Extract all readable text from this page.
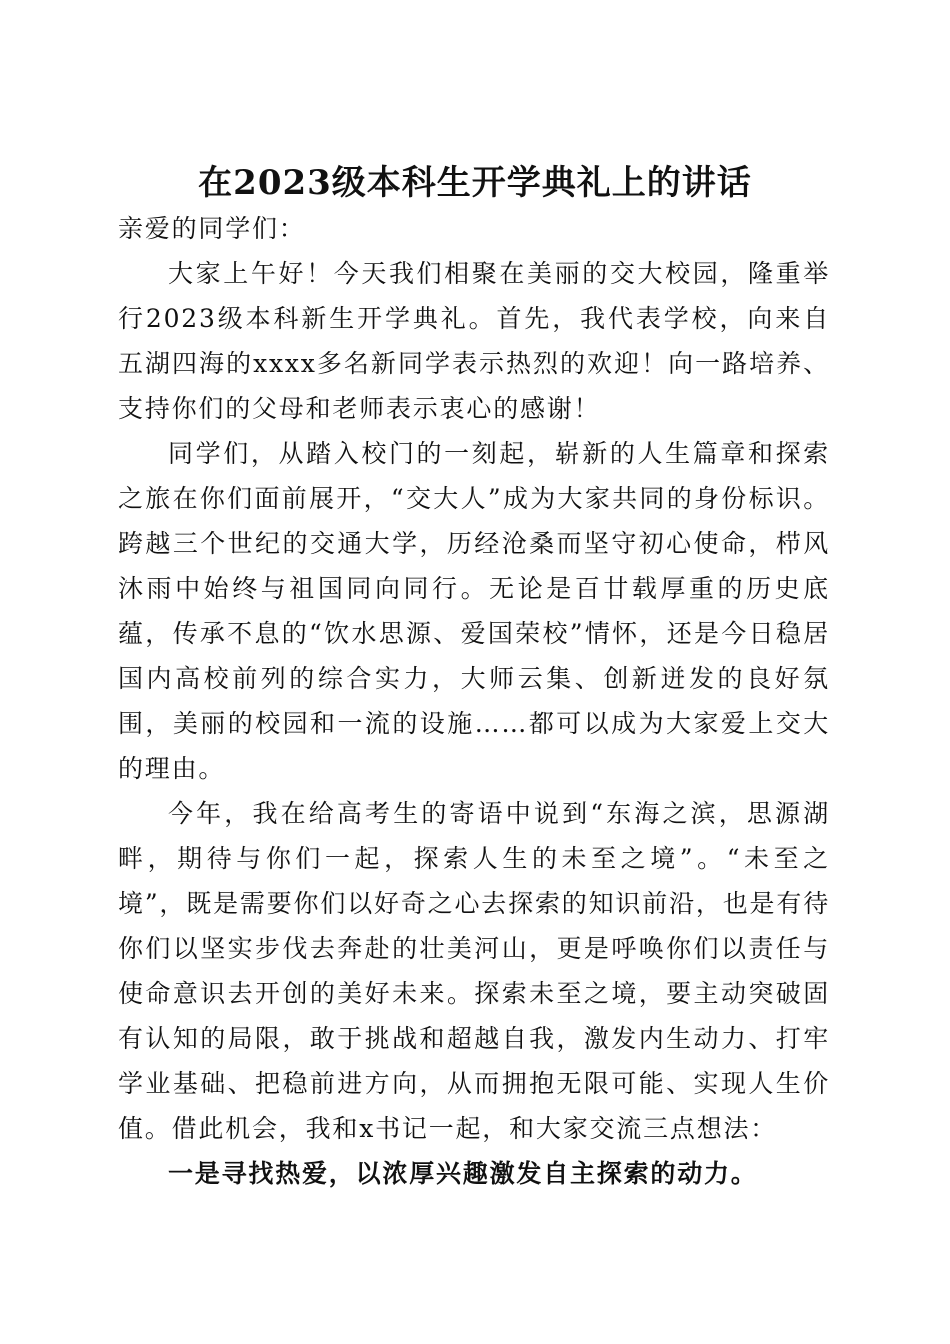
在2023级本科生开学典礼上的讲话

亲爱的同学们：

大家上午好！今天我们相聚在美丽的交大校园，隆重举行2023级本科新生开学典礼。首先，我代表学校，向来自五湖四海的xxxx多名新同学表示热烈的欢迎！向一路培养、支持你们的父母和老师表示衷心的感谢！

同学们，从踏入校门的一刻起，崭新的人生篇章和探索之旅在你们面前展开，“交大人”成为大家共同的身份标识。跨越三个世纪的交通大学，历经沧桑而坚守初心使命，栉风沐雨中始终与祖国同向同行。无论是百廿载厚重的历史底蕴，传承不息的“饮水思源、爱国荣校”情怀，还是今日稳居国内高校前列的综合实力，大师云集、创新迸发的良好氛围，美丽的校园和一流的设施……都可以成为大家爱上交大的理由。

今年，我在给高考生的寄语中说到“东海之滨，思源湖畔，期待与你们一起，探索人生的未至之境”。“未至之境”，既是需要你们以好奇之心去探索的知识前沿，也是有待你们以坚实步伐去奔赴的壮美河山，更是呼唤你们以责任与使命意识去开创的美好未来。探索未至之境，要主动突破固有认知的局限，敢于挑战和超越自我，激发内生动力、打牢学业基础、把稳前进方向，从而拥抱无限可能、实现人生价值。借此机会，我和x书记一起，和大家交流三点想法：

一是寻找热爱，以浓厚兴趣激发自主探索的动力。
